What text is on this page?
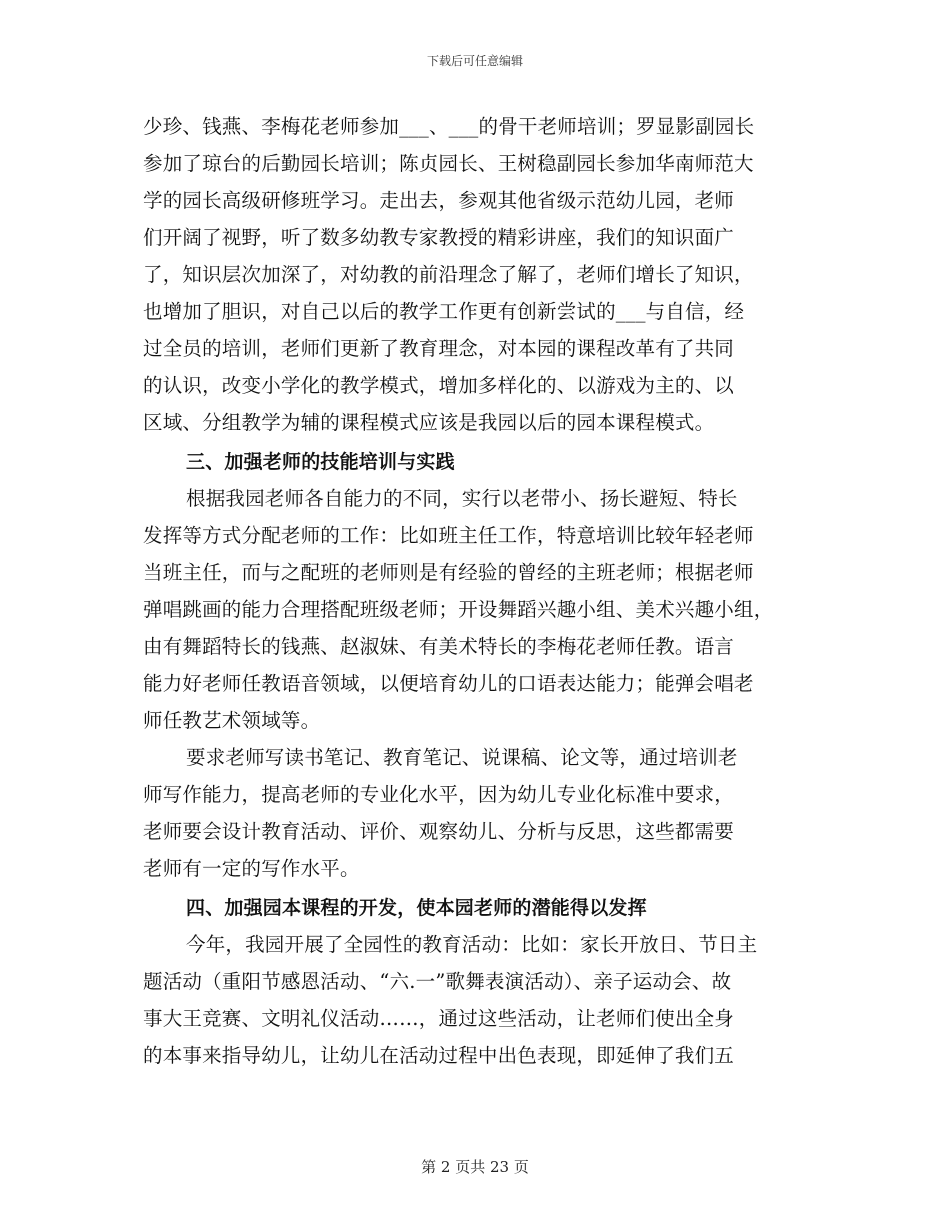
下载后可任意编辑
少珍、钱燕、李梅花老师参加___、___的骨干老师培训；罗显影副园长
参加了琼台的后勤园长培训；陈贞园长、王树稳副园长参加华南师范大
学的园长高级研修班学习。走出去，参观其他省级示范幼儿园，老师
们开阔了视野，听了数多幼教专家教授的精彩讲座，我们的知识面广
了，知识层次加深了，对幼教的前沿理念了解了，老师们增长了知识，
也增加了胆识，对自己以后的教学工作更有创新尝试的___与自信，经
过全员的培训，老师们更新了教育理念，对本园的课程改革有了共同
的认识，改变小学化的教学模式，增加多样化的、以游戏为主的、以
区域、分组教学为辅的课程模式应该是我园以后的园本课程模式。
三、加强老师的技能培训与实践
根据我园老师各自能力的不同，实行以老带小、扬长避短、特长
发挥等方式分配老师的工作：比如班主任工作，特意培训比较年轻老师
当班主任，而与之配班的老师则是有经验的曾经的主班老师；根据老师
弹唱跳画的能力合理搭配班级老师；开设舞蹈兴趣小组、美术兴趣小组，
由有舞蹈特长的钱燕、赵淑妹、有美术特长的李梅花老师任教。语言
能力好老师任教语音领域，以便培育幼儿的口语表达能力；能弹会唱老
师任教艺术领域等。
要求老师写读书笔记、教育笔记、说课稿、论文等，通过培训老
师写作能力，提高老师的专业化水平，因为幼儿专业化标准中要求，
老师要会设计教育活动、评价、观察幼儿、分析与反思，这些都需要
老师有一定的写作水平。
四、加强园本课程的开发，使本园老师的潜能得以发挥
今年，我园开展了全园性的教育活动：比如：家长开放日、节日主
题活动（重阳节感恩活动、“六.一”歌舞表演活动）、亲子运动会、故
事大王竞赛、文明礼仪活动……，通过这些活动，让老师们使出全身
的本事来指导幼儿，让幼儿在活动过程中出色表现，即延伸了我们五
第 2 页共 23 页
